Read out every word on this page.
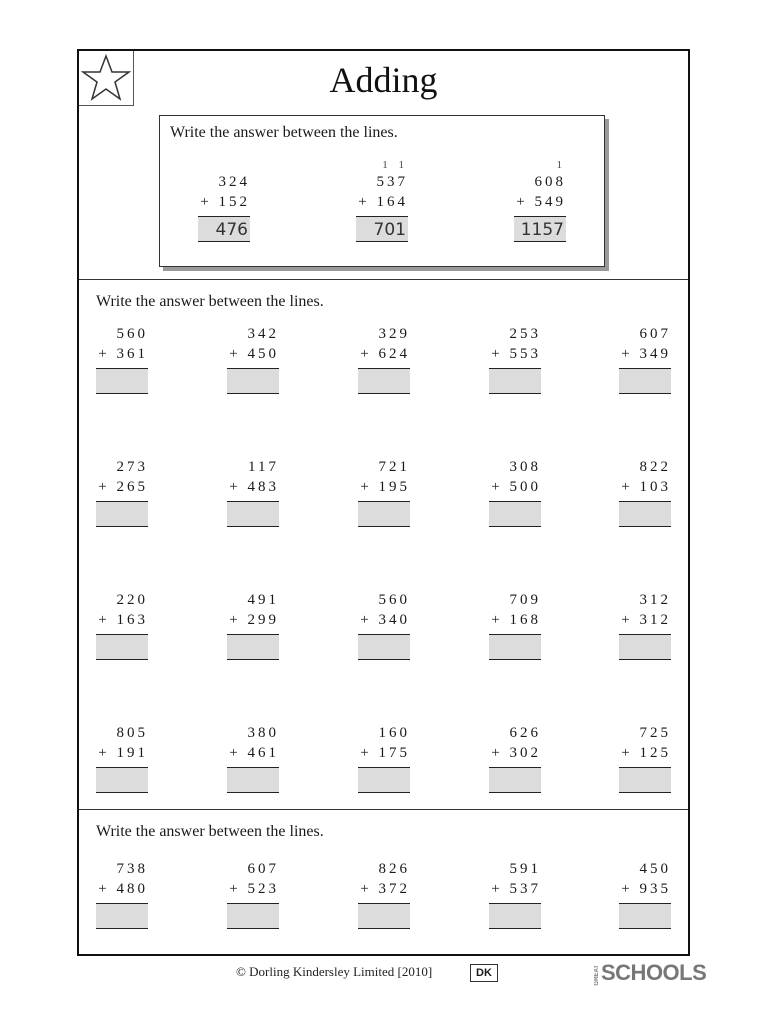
Adding
Write the answer between the lines.
324
+ 152
476
1 1
537
+ 164
701
1
608
+ 549
1157
Write the answer between the lines.
560
+ 361
342
+ 450
329
+ 624
253
+ 553
607
+ 349
273
+ 265
117
+ 483
721
+ 195
308
+ 500
822
+ 103
220
+ 163
491
+ 299
560
+ 340
709
+ 168
312
+ 312
805
+ 191
380
+ 461
160
+ 175
626
+ 302
725
+ 125
Write the answer between the lines.
738
+ 480
607
+ 523
826
+ 372
591
+ 537
450
+ 935
© Dorling Kindersley Limited [2010]	DK	GREATSCHOOLS
